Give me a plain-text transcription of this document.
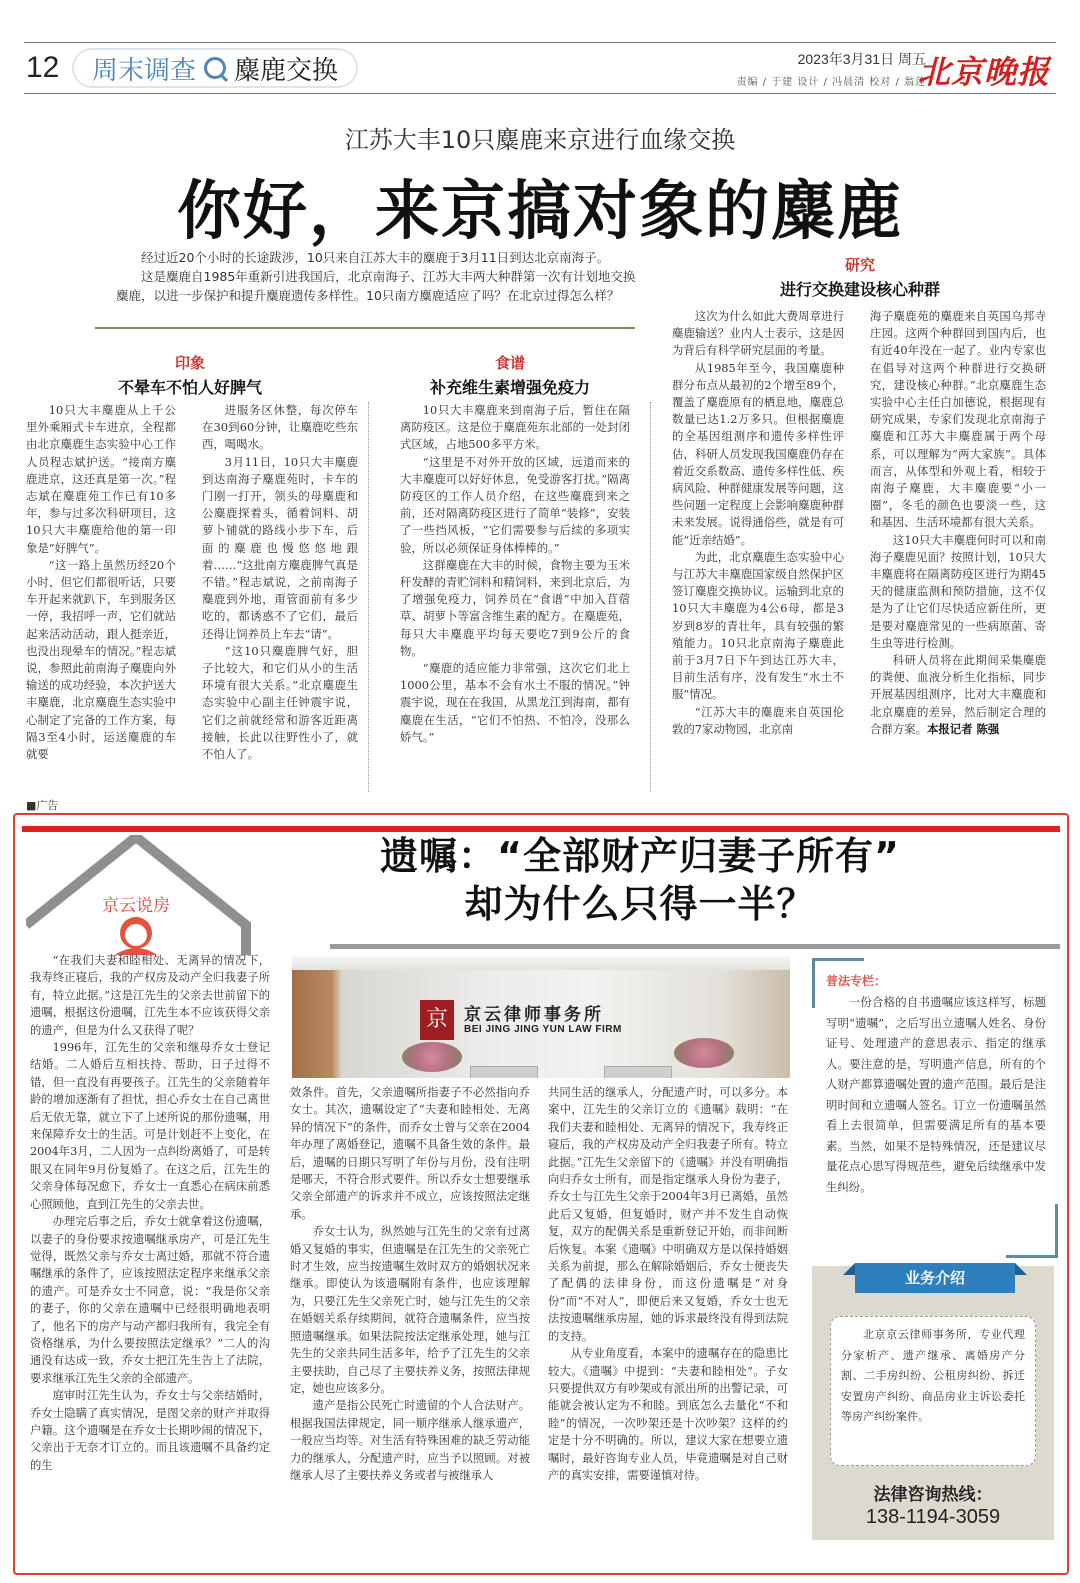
12 周末调查 麋鹿交换	2023年3月31日 周五
责编 / 于建 设计 / 冯晨清 校对 / 翁莲
北京晚报
江苏大丰10只麋鹿来京进行血缘交换
你好，来京搞对象的麋鹿

经过近20个小时的长途跋涉，10只来自江苏大丰的麋鹿于3月11日到达北京南海子。

这是麋鹿自1985年重新引进我国后，北京南海子、江苏大丰两大种群第一次有计划地交换麋鹿，以进一步保护和提升麋鹿遗传多样性。10只南方麋鹿适应了吗？在北京过得怎么样？

印象
不晕车不怕人好脾气
食谱
补充维生素增强免疫力
研究
进行交换建设核心种群

10只大丰麋鹿从上千公里外乘厢式卡车进京，全程都由北京麋鹿生态实验中心工作人员程志斌护送。“接南方麋鹿进京，这还真是第一次。”程志斌在麋鹿苑工作已有10多年，参与过多次科研项目，这10只大丰麋鹿给他的第一印象是“好脾气”。

“这一路上虽然历经20个小时，但它们都很听话，只要车开起来就趴下，车到服务区一停，我招呼一声，它们就站起来活动活动，跟人挺亲近，也没出现晕车的情况。”程志斌说，参照此前南海子麋鹿向外输送的成功经验，本次护送大丰麋鹿，北京麋鹿生态实验中心制定了完备的工作方案，每隔3至4小时，运送麋鹿的车就要

进服务区休整，每次停车在30到60分钟，让麋鹿吃些东西，喝喝水。

3月11日，10只大丰麋鹿到达南海子麋鹿苑时，卡车的门刚一打开，领头的母麋鹿和公麋鹿探着头，循着饲料、胡萝卜铺就的路线小步下车，后面的麋鹿也慢悠悠地跟着……“这批南方麋鹿脾气真是不错。”程志斌说，之前南海子麋鹿到外地，甭管面前有多少吃的，都诱惑不了它们，最后还得让饲养员上车去“请”。

“这10只麋鹿脾气好，胆子比较大，和它们从小的生活环境有很大关系。”北京麋鹿生态实验中心副主任钟震宇说，它们之前就经常和游客近距离接触，长此以往野性小了，就不怕人了。

10只大丰麋鹿来到南海子后，暂住在隔离防疫区。这是位于麋鹿苑东北部的一处封闭式区域，占地500多平方米。

“这里是不对外开放的区域，远道而来的大丰麋鹿可以好好休息，免受游客打扰。”隔离防疫区的工作人员介绍，在这些麋鹿到来之前，还对隔离防疫区进行了简单“装修”，安装了一些挡风板，“它们需要参与后续的多项实验，所以必须保证身体棒棒的。”

这群麋鹿在大丰的时候，食物主要为玉米秆发酵的青贮饲料和精饲料，来到北京后，为了增强免疫力，饲养员在“食谱”中加入苜蓿草、胡萝卜等富含维生素的配方。在麋鹿苑，每只大丰麋鹿平均每天要吃7到9公斤的食物。

“麋鹿的适应能力非常强，这次它们北上1000公里，基本不会有水土不服的情况。”钟震宇说，现在在我国，从黑龙江到海南，都有麋鹿在生活，“它们不怕热、不怕冷，没那么娇气。”

这次为什么如此大费周章进行麋鹿输送？业内人士表示，这是因为背后有科学研究层面的考量。

从1985年至今，我国麋鹿种群分布点从最初的2个增至89个，覆盖了麋鹿原有的栖息地，麋鹿总数量已达1.2万多只。但根据麋鹿的全基因组测序和遗传多样性评估，科研人员发现我国麋鹿仍存在着近交系数高、遗传多样性低、疾病风险、种群健康发展等问题，这些问题一定程度上会影响麋鹿种群未来发展。说得通俗些，就是有可能“近亲结婚”。

为此，北京麋鹿生态实验中心与江苏大丰麋鹿国家级自然保护区签订麋鹿交换协议。运输到北京的10只大丰麋鹿为4公6母，都是3岁到8岁的青壮年，具有较强的繁殖能力。10只北京南海子麋鹿此前于3月7日下午到达江苏大丰，目前生活有序，没有发生“水土不服”情况。

“江苏大丰的麋鹿来自英国伦敦的7家动物园，北京南

海子麋鹿苑的麋鹿来自英国乌邦寺庄园。这两个种群回到国内后，也有近40年没在一起了。业内专家也在倡导对这两个种群进行交换研究，建设核心种群。”北京麋鹿生态实验中心主任白加德说，根据现有研究成果，专家们发现北京南海子麋鹿和江苏大丰麋鹿属于两个母系，可以理解为“两大家族”。具体而言，从体型和外观上看，相较于南海子麋鹿，大丰麋鹿要“小一圈”，冬毛的颜色也要淡一些，这和基因、生活环境都有很大关系。

这10只大丰麋鹿何时可以和南海子麋鹿见面？按照计划，10只大丰麋鹿将在隔离防疫区进行为期45天的健康监测和预防措施，这不仅是为了让它们尽快适应新住所，更是要对麋鹿常见的一些病原菌、寄生虫等进行检测。

科研人员将在此期间采集麋鹿的粪便、血液分析生化指标，同步开展基因组测序，比对大丰麋鹿和北京麋鹿的差异，然后制定合理的合群方案。本报记者 陈强

■广告
京云说房
遗嘱：“全部财产归妻子所有”
却为什么只得一半？

“在我们夫妻和睦相处、无离异的情况下，我寿终正寝后，我的产权房及动产全归我妻子所有，特立此据。”这是江先生的父亲去世前留下的遗嘱，根据这份遗嘱，江先生本不应该获得父亲的遗产，但是为什么又获得了呢？

1996年，江先生的父亲和继母乔女士登记结婚。二人婚后互相扶持、帮助，日子过得不错，但一直没有再要孩子。江先生的父亲随着年龄的增加逐渐有了担忧，担心乔女士在自己离世后无依无靠，就立下了上述所说的那份遗嘱，用来保障乔女士的生活。可是计划赶不上变化，在2004年3月，二人因为一点纠纷离婚了，可是转眼又在同年9月份复婚了。在这之后，江先生的父亲身体每况愈下，乔女士一直悉心在病床前悉心照顾他，直到江先生的父亲去世。

办理完后事之后，乔女士就拿着这份遗嘱，以妻子的身份要求按遗嘱继承房产，可是江先生觉得，既然父亲与乔女士离过婚，那就不符合遗嘱继承的条件了，应该按照法定程序来继承父亲的遗产。可是乔女士不同意，说：“我是你父亲的妻子，你的父亲在遗嘱中已经很明确地表明了，他名下的房产与动产都归我所有，我完全有资格继承，为什么要按照法定继承？”二人的沟通没有达成一致，乔女士把江先生告上了法院，要求继承江先生父亲的全部遗产。

庭审时江先生认为，乔女士与父亲结婚时，乔女士隐瞒了真实情况，是图父亲的财产并取得户籍。这个遗嘱是在乔女士长期吵闹的情况下，父亲出于无奈才订立的。而且该遗嘱不具备约定的生

京 京云律师事务所
BEI JING JING YUN LAW FIRM

效条件。首先，父亲遗嘱所指妻子不必然指向乔女士。其次，遗嘱设定了“夫妻和睦相处、无离异的情况下”的条件，而乔女士曾与父亲在2004年办理了离婚登记，遗嘱不具备生效的条件。最后，遗嘱的日期只写明了年份与月份，没有注明是哪天，不符合形式要件。所以乔女士想要继承父亲全部遗产的诉求并不成立，应该按照法定继承。

乔女士认为，纵然她与江先生的父亲有过离婚又复婚的事实，但遗嘱是在江先生的父亲死亡时才生效，应当按遗嘱生效时双方的婚姻状况来继承。即使认为该遗嘱附有条件，也应该理解为，只要江先生父亲死亡时，她与江先生的父亲在婚姻关系存续期间，就符合遗嘱条件，应当按照遗嘱继承。如果法院按法定继承处理，她与江先生的父亲共同生活多年，给予了江先生的父亲主要扶助，自己尽了主要扶养义务，按照法律规定，她也应该多分。

遗产是指公民死亡时遗留的个人合法财产。根据我国法律规定，同一顺序继承人继承遗产，一般应当均等。对生活有特殊困难的缺乏劳动能力的继承人，分配遗产时，应当予以照顾。对被继承人尽了主要扶养义务或者与被继承人

共同生活的继承人，分配遗产时，可以多分。本案中，江先生的父亲订立的《遗嘱》载明：“在我们夫妻和睦相处、无离异的情况下，我寿终正寝后，我的产权房及动产全归我妻子所有。特立此据。”江先生父亲留下的《遗嘱》并没有明确指向归乔女士所有，而是指定继承人身份为妻子，乔女士与江先生父亲于2004年3月已离婚，虽然此后又复婚，但复婚时，财产并不发生自动恢复，双方的配偶关系是重新登记开始，而非间断后恢复。本案《遗嘱》中明确双方是以保持婚姻关系为前提，那么在解除婚姻后，乔女士便丧失了配偶的法律身份，而这份遗嘱是“对身份”而“不对人”，即便后来又复婚，乔女士也无法按遗嘱继承房屋，她的诉求最终没有得到法院的支持。

从专业角度看，本案中的遗嘱存在的隐患比较大。《遗嘱》中提到：“夫妻和睦相处”。子女只要提供双方有吵架或有派出所的出警记录，可能就会被认定为不和睦。到底怎么去量化“不和睦”的情况，一次吵架还是十次吵架？这样的约定是十分不明确的。所以，建议大家在想要立遗嘱时，最好咨询专业人员，毕竟遗嘱是对自己财产的真实安排，需要谨慎对待。

普法专栏：
一份合格的自书遗嘱应该这样写，标题写明“遗嘱”，之后写出立遗嘱人姓名、身份证号、处理遗产的意思表示、指定的继承人。要注意的是，写明遗产信息，所有的个人财产都算遗嘱处置的遗产范围。最后是注明时间和立遗嘱人签名。订立一份遗嘱虽然看上去很简单，但需要满足所有的基本要素。当然，如果不是特殊情况，还是建议尽量花点心思写得规范些，避免后续继承中发生纠纷。
业务介绍
北京京云律师事务所，专业代理分家析产、遗产继承、离婚房产分割、二手房纠纷、公租房纠纷、拆迁安置房产纠纷、商品房业主诉讼委托等房产纠纷案件。
法律咨询热线：
138-1194-3059
